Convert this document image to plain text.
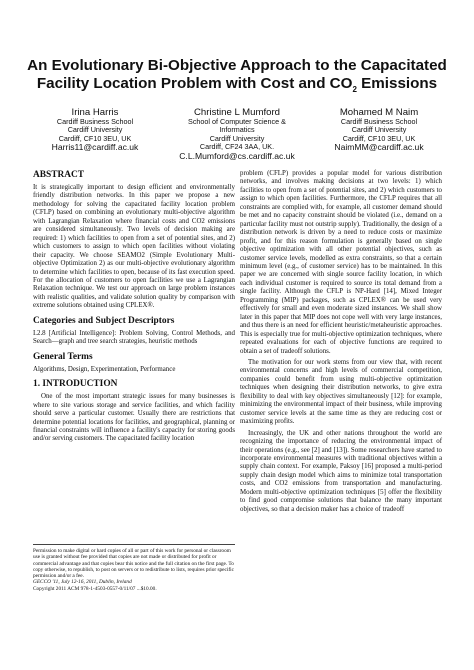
An Evolutionary Bi-Objective Approach to the Capacitated
Facility Location Problem with Cost and $CO_2$ Emissions
Irina Harris
Cardiff Business School
Cardiff University
Cardiff, CF10 3EU, UK
Harris11@cardiff.ac.uk
Christine L Mumford
School of Computer Science &
Informatics
Cardiff University
Cardiff, CF24 3AA, UK.
C.L.Mumford@cs.cardiff.ac.uk
Mohamed M Naim
Cardiff Business School
Cardiff University
Cardiff, CF10 3EU, UK
NaimMM@cardiff.ac.uk
ABSTRACT

It is strategically important to design efficient and environmentally friendly distribution networks. In this paper we propose a new methodology for solving the capacitated facility location problem (CFLP) based on combining an evolutionary multi-objective algorithm with Lagrangian Relaxation where financial costs and CO2 emissions are considered simultaneously. Two levels of decision making are required: 1) which facilities to open from a set of potential sites, and 2) which customers to assign to which open facilities without violating their capacity. We choose SEAMO2 (Simple Evolutionary Multi-objective Optimization 2) as our multi-objective evolutionary algorithm to determine which facilities to open, because of its fast execution speed. For the allocation of customers to open facilities we use a Lagrangian Relaxation technique. We test our approach on large problem instances with realistic qualities, and validate solution quality by comparison with extreme solutions obtained using CPLEX®.

Categories and Subject Descriptors

I.2.8 [Artificial Intelligence]: Problem Solving, Control Methods, and Search—graph and tree search strategies, heuristic methods

General Terms

Algorithms, Design, Experimentation, Performance

1. INTRODUCTION

One of the most important strategic issues for many businesses is where to site various storage and service facilities, and which facility should serve a particular customer. Usually there are restrictions that determine potential locations for facilities, and geographical, planning or financial constraints will influence a facility's capacity for storing goods and/or serving customers. The capacitated facility location

Permission to make digital or hard copies of all or part of this work for personal or classroom use is granted without fee provided that copies are not made or distributed for profit or commercial advantage and that copies bear this notice and the full citation on the first page. To copy otherwise, to republish, to post on servers or to redistribute to lists, requires prior specific permission and/or a fee.

GECCO '11, July 12-16, 2011, Dublin, Ireland

Copyright 2011 ACM 978-1-4503-0557-0/11/07 ...$10.00.

problem (CFLP) provides a popular model for various distribution networks, and involves making decisions at two levels: 1) which facilities to open from a set of potential sites, and 2) which customers to assign to which open facilities. Furthermore, the CFLP requires that all constraints are complied with, for example, all customer demand should be met and no capacity constraint should be violated (i.e., demand on a particular facility must not outstrip supply). Traditionally, the design of a distribution network is driven by a need to reduce costs or maximize profit, and for this reason formulation is generally based on single objective optimization with all other potential objectives, such as customer service levels, modelled as extra constraints, so that a certain minimum level (e.g., of customer service) has to be maintained. In this paper we are concerned with single source facility location, in which each individual customer is required to source its total demand from a single facility. Although the CFLP is NP-Hard [14], Mixed Integer Programming (MIP) packages, such as CPLEX® can be used very effectively for small and even moderate sized instances. We shall show later in this paper that MIP does not cope well with very large instances, and thus there is an need for efficient heuristic/metaheuristic approaches. This is especially true for multi-objective optimization techniques, where repeated evaluations for each of objective functions are required to obtain a set of tradeoff solutions.

The motivation for our work stems from our view that, with recent environmental concerns and high levels of commercial competition, companies could benefit from using multi-objective optimization techniques when designing their distribution networks, to give extra flexibility to deal with key objectives simultaneously [12]: for example, minimizing the environmental impact of their business, while improving customer service levels at the same time as they are reducing cost or maximizing profits.

Increasingly, the UK and other nations throughout the world are recognizing the importance of reducing the environmental impact of their operations (e.g., see [2] and [13]). Some researchers have started to incorporate environmental measures with traditional objectives within a supply chain context. For example, Paksoy [16] proposed a multi-period supply chain design model which aims to minimize total transportation costs, and CO2 emissions from transportation and manufacturing. Modern multi-objective optimization techniques [5] offer the flexibility to find good compromise solutions that balance the many important objectives, so that a decision maker has a choice of tradeoff
